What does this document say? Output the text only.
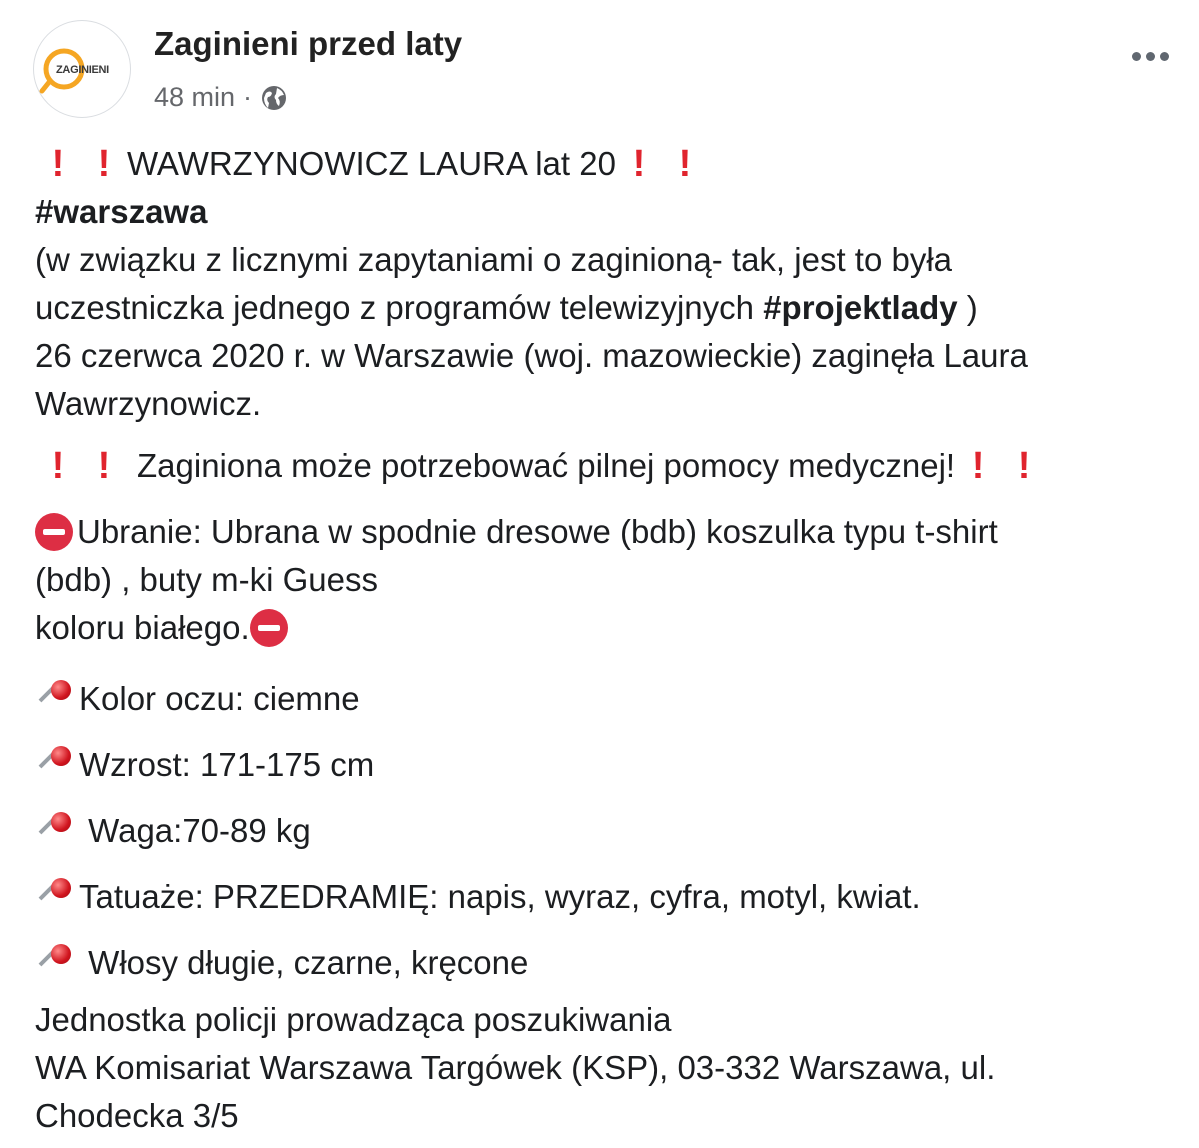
ZAGINIENI
Zaginieni przed laty
48 min ·
! ! WAWRZYNOWICZ LAURA lat 20 ! !
#warszawa
(w związku z licznymi zapytaniami o zaginioną- tak, jest to była
uczestniczka jednego z programów telewizyjnych #projektlady )
26 czerwca 2020 r. w Warszawie (woj. mazowieckie) zaginęła Laura
Wawrzynowicz.
! ! Zaginiona może potrzebować pilnej pomocy medycznej! ! !
Ubranie: Ubrana w spodnie dresowe (bdb) koszulka typu t-shirt
(bdb) , buty m-ki Guess
koloru białego.
Kolor oczu: ciemne
Wzrost: 171-175 cm
Waga:70-89 kg
Tatuaże: PRZEDRAMIĘ: napis, wyraz, cyfra, motyl, kwiat.
Włosy długie, czarne, kręcone
Jednostka policji prowadząca poszukiwania
WA Komisariat Warszawa Targówek (KSP), 03-332 Warszawa, ul.
Chodecka 3/5
